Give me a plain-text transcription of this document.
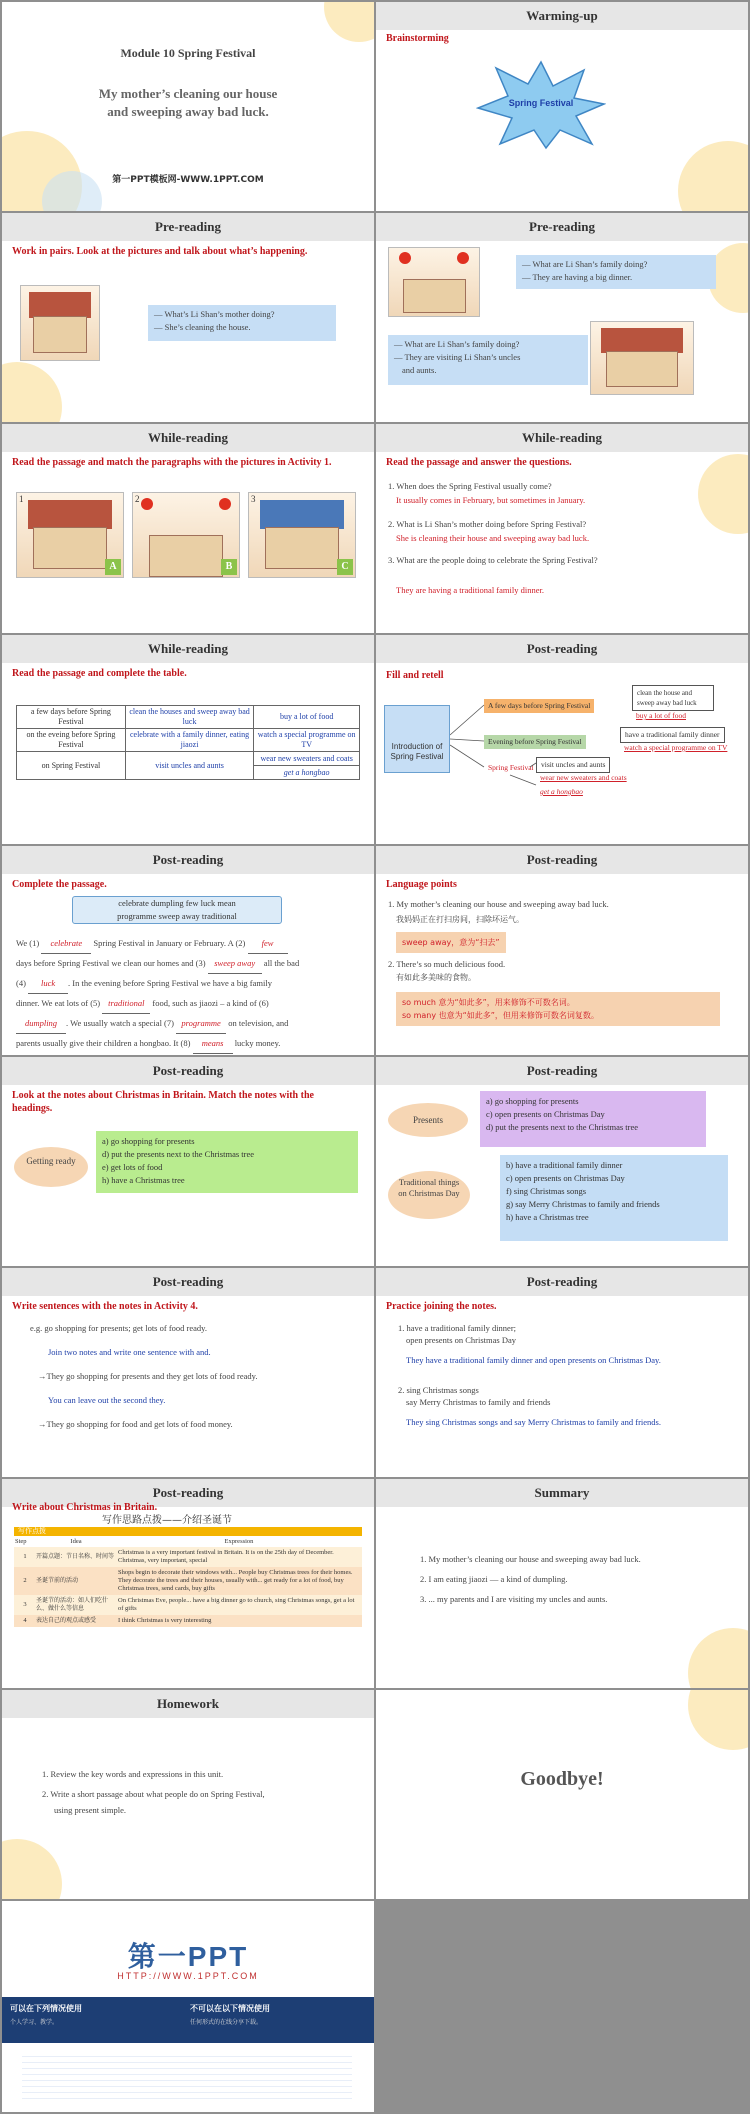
Module 10 Spring Festival
My mother’s cleaning our house
and sweeping away bad luck.
第一PPT模板网-WWW.1PPT.COM
Warming-up
Brainstorming
Spring Festival
Pre-reading
Work in pairs. Look at the pictures and talk about what’s happening.
— What’s Li Shan’s mother doing?
— She’s cleaning the house.
Pre-reading
— What are Li Shan’s family doing?
— They are having a big dinner.
— What are Li Shan’s family doing?
— They are visiting Li Shan’s uncles
and aunts.
While-reading
Read the passage and match the paragraphs with the pictures in Activity 1.
1
A
2
B
3
C
While-reading
Read the passage and answer the questions.
1. When does the Spring Festival usually come?
It usually comes in February, but sometimes in January.
2. What is Li Shan’s mother doing before Spring Festival?
She is cleaning their house and sweeping away bad luck.
3. What are the people doing to celebrate the Spring Festival?
They are having a traditional family dinner.
While-reading
Read the passage and complete the table.
a few days before Spring Festival	clean the houses and sweep away bad luck	buy a lot of food
on the eveing before Spring Festival	celebrate with a family dinner, eating jiaozi	watch a special programme on TV
on Spring Festival	visit uncles and aunts	wear new sweaters and coats
		get a hongbao
Post-reading
Fill and retell
Introduction of Spring Festival
A few days before Spring Festival
Evening before Spring Festival
Spring Festival
clean the house and sweep away bad luck
buy a lot of food
have a traditional family dinner
watch a special programme on TV
visit uncles and aunts
wear new sweaters and coats
get a hongbao
Post-reading
Complete the passage.
celebrate dumpling few luck mean
programme sweep away traditional
We (1) celebrate Spring Festival in January or February. A (2) few
days before Spring Festival we clean our homes and (3) sweep away all the bad
(4) luck . In the evening before Spring Festival we have a big family
dinner. We eat lots of (5) traditional food, such as jiaozi – a kind of (6)
dumpling . We usually watch a special (7) programme on television, and
parents usually give their children a hongbao. It (8) means lucky money.
Post-reading
Language points
1. My mother’s cleaning our house and sweeping away bad luck.
我妈妈正在打扫房间，扫除坏运气。
sweep away，意为“扫去”
2. There’s so much delicious food.
有如此多美味的食物。
so much 意为“如此多”，用来修饰不可数名词。
so many 也意为“如此多”，但用来修饰可数名词复数。
Post-reading
Look at the notes about Christmas in Britain. Match the notes with the headings.
Getting ready
a) go shopping for presents
d) put the presents next to the Christmas tree
e) get lots of food
h) have a Christmas tree
Post-reading
Presents
a) go shopping for presents
c) open presents on Christmas Day
d) put the presents next to the Christmas tree
Traditional things on Christmas Day
b) have a traditional family dinner
c) open presents on Christmas Day
f) sing Christmas songs
g) say Merry Christmas to family and friends
h) have a Christmas tree
Post-reading
Write sentences with the notes in Activity 4.
e.g. go shopping for presents; get lots of food ready.
Join two notes and write one sentence with and.
→They go shopping for presents and they get lots of food ready.
You can leave out the second they.
→They go shopping for food and get lots of food money.
Post-reading
Practice joining the notes.
1. have a traditional family dinner;
open presents on Christmas Day
They have a traditional family dinner and open presents on Christmas Day.
2. sing Christmas songs
say Merry Christmas to family and friends
They sing Christmas songs and say Merry Christmas to family and friends.
Post-reading
Write about Christmas in Britain.
写作思路点拨——介绍圣诞节
写作点拨
Step	Idea	Expression
1	开篇点题：节日名称、时间等	Christmas is a very important festival in Britain. It is on the 25th day of December. Christmas, very important, special
2	圣诞节前的活动	Shops begin to decorate their windows with... People buy Christmas trees for their homes. They decorate the trees and their houses, usually with... get ready for a lot of food, buy Christmas trees, send cards, buy gifts
3	圣诞节的活动：如人们吃什么、做什么等信息	On Christmas Eve, people... have a big dinner go to church, sing Christmas songs, get a lot of gifts
4	表达自己的观点或感受	I think Christmas is very interesting
Summary
1. My mother’s cleaning our house and sweeping away bad luck.
2. I am eating jiaozi — a kind of dumpling.
3. ... my parents and I are visiting my uncles and aunts.
Homework
1. Review the key words and expressions in this unit.
2. Write a short passage about what people do on Spring Festival,
using present simple.
Goodbye!
第一PPT
HTTP://WWW.1PPT.COM
可以在下列情况使用
个人学习、教学。
不可以在以下情况使用
任何形式的在线分享下载。
